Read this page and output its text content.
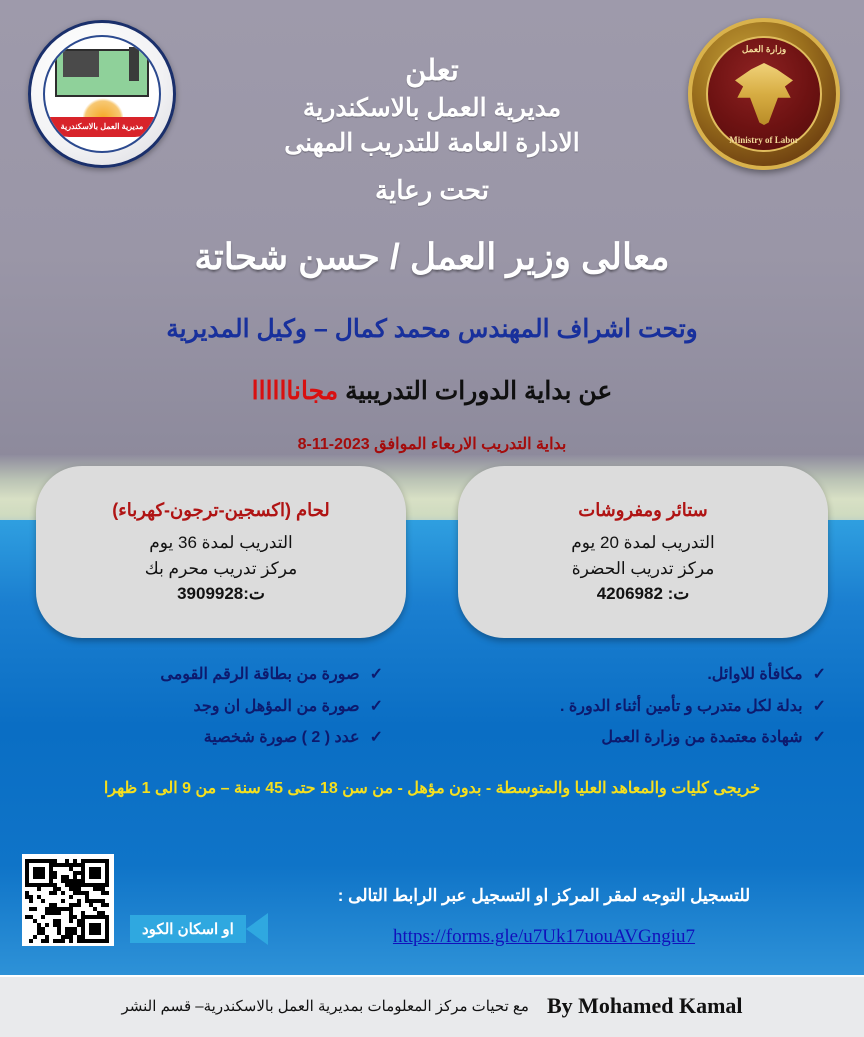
مديرية العمل بالاسكندرية
وزارة العمل
Ministry of Labor
تعلن
مديرية العمل بالاسكندرية
الادارة العامة للتدريب المهنى
تحت رعاية
معالى وزير العمل / حسن شحاتة
وتحت اشراف المهندس محمد كمال – وكيل المديرية
عن بداية الدورات التدريبية مجاناااااا
بداية التدريب الاربعاء الموافق 2023-11-8
ستائر ومفروشات
التدريب لمدة 20 يوم
مركز تدريب الحضرة
ت: 4206982
لحام (اكسجين-ترجون-كهرباء)
التدريب لمدة 36 يوم
مركز تدريب محرم بك
ت:3909928
✓
مكافأة للاوائل.
✓
بدلة لكل متدرب و تأمين أثناء الدورة .
✓
شهادة معتمدة من وزارة العمل
✓
صورة من بطاقة الرقم القومى
✓
صورة من المؤهل ان وجد
✓
عدد ( 2 ) صورة شخصية
خريجى كليات والمعاهد العليا والمتوسطة - بدون مؤهل - من سن 18 حتى 45 سنة – من 9 الى 1 ظهرا
او اسكان الكود
للتسجيل التوجه لمقر المركز او التسجيل عبر الرابط التالى :
https://forms.gle/u7Uk17uouAVGngiu7
By Mohamed Kamal
مع تحيات مركز المعلومات بمديرية العمل بالاسكندرية– قسم النشر
